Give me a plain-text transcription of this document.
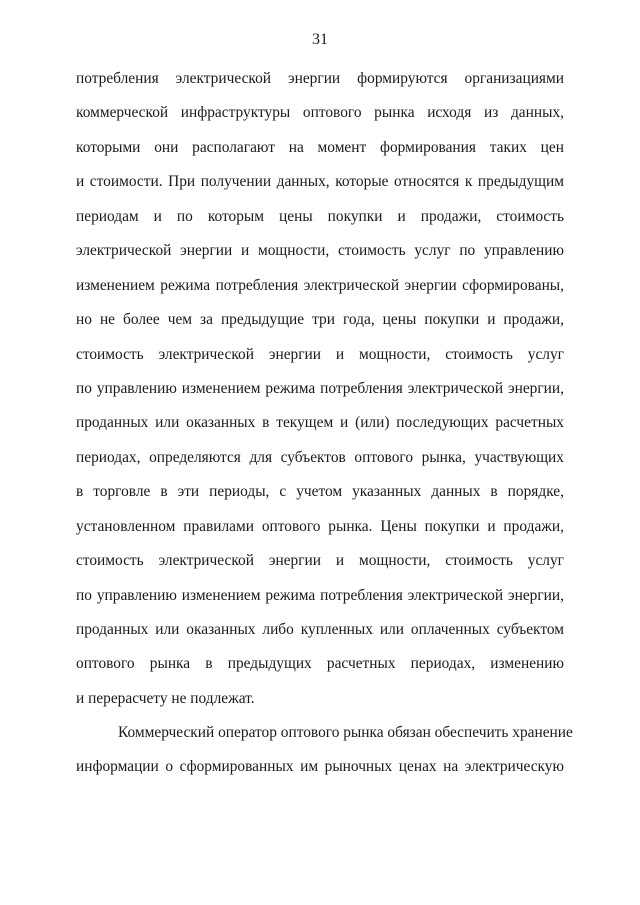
31
потребления электрической энергии формируются организациями
коммерческой инфраструктуры оптового рынка исходя из данных,
которыми они располагают на момент формирования таких цен
и стоимости. При получении данных, которые относятся к предыдущим
периодам и по которым цены покупки и продажи, стоимость
электрической энергии и мощности, стоимость услуг по управлению
изменением режима потребления электрической энергии сформированы,
но не более чем за предыдущие три года, цены покупки и продажи,
стоимость электрической энергии и мощности, стоимость услуг
по управлению изменением режима потребления электрической энергии,
проданных или оказанных в текущем и (или) последующих расчетных
периодах, определяются для субъектов оптового рынка, участвующих
в торговле в эти периоды, с учетом указанных данных в порядке,
установленном правилами оптового рынка. Цены покупки и продажи,
стоимость электрической энергии и мощности, стоимость услуг
по управлению изменением режима потребления электрической энергии,
проданных или оказанных либо купленных или оплаченных субъектом
оптового рынка в предыдущих расчетных периодах, изменению
и перерасчету не подлежат.
Коммерческий оператор оптового рынка обязан обеспечить хранение
информации о сформированных им рыночных ценах на электрическую
